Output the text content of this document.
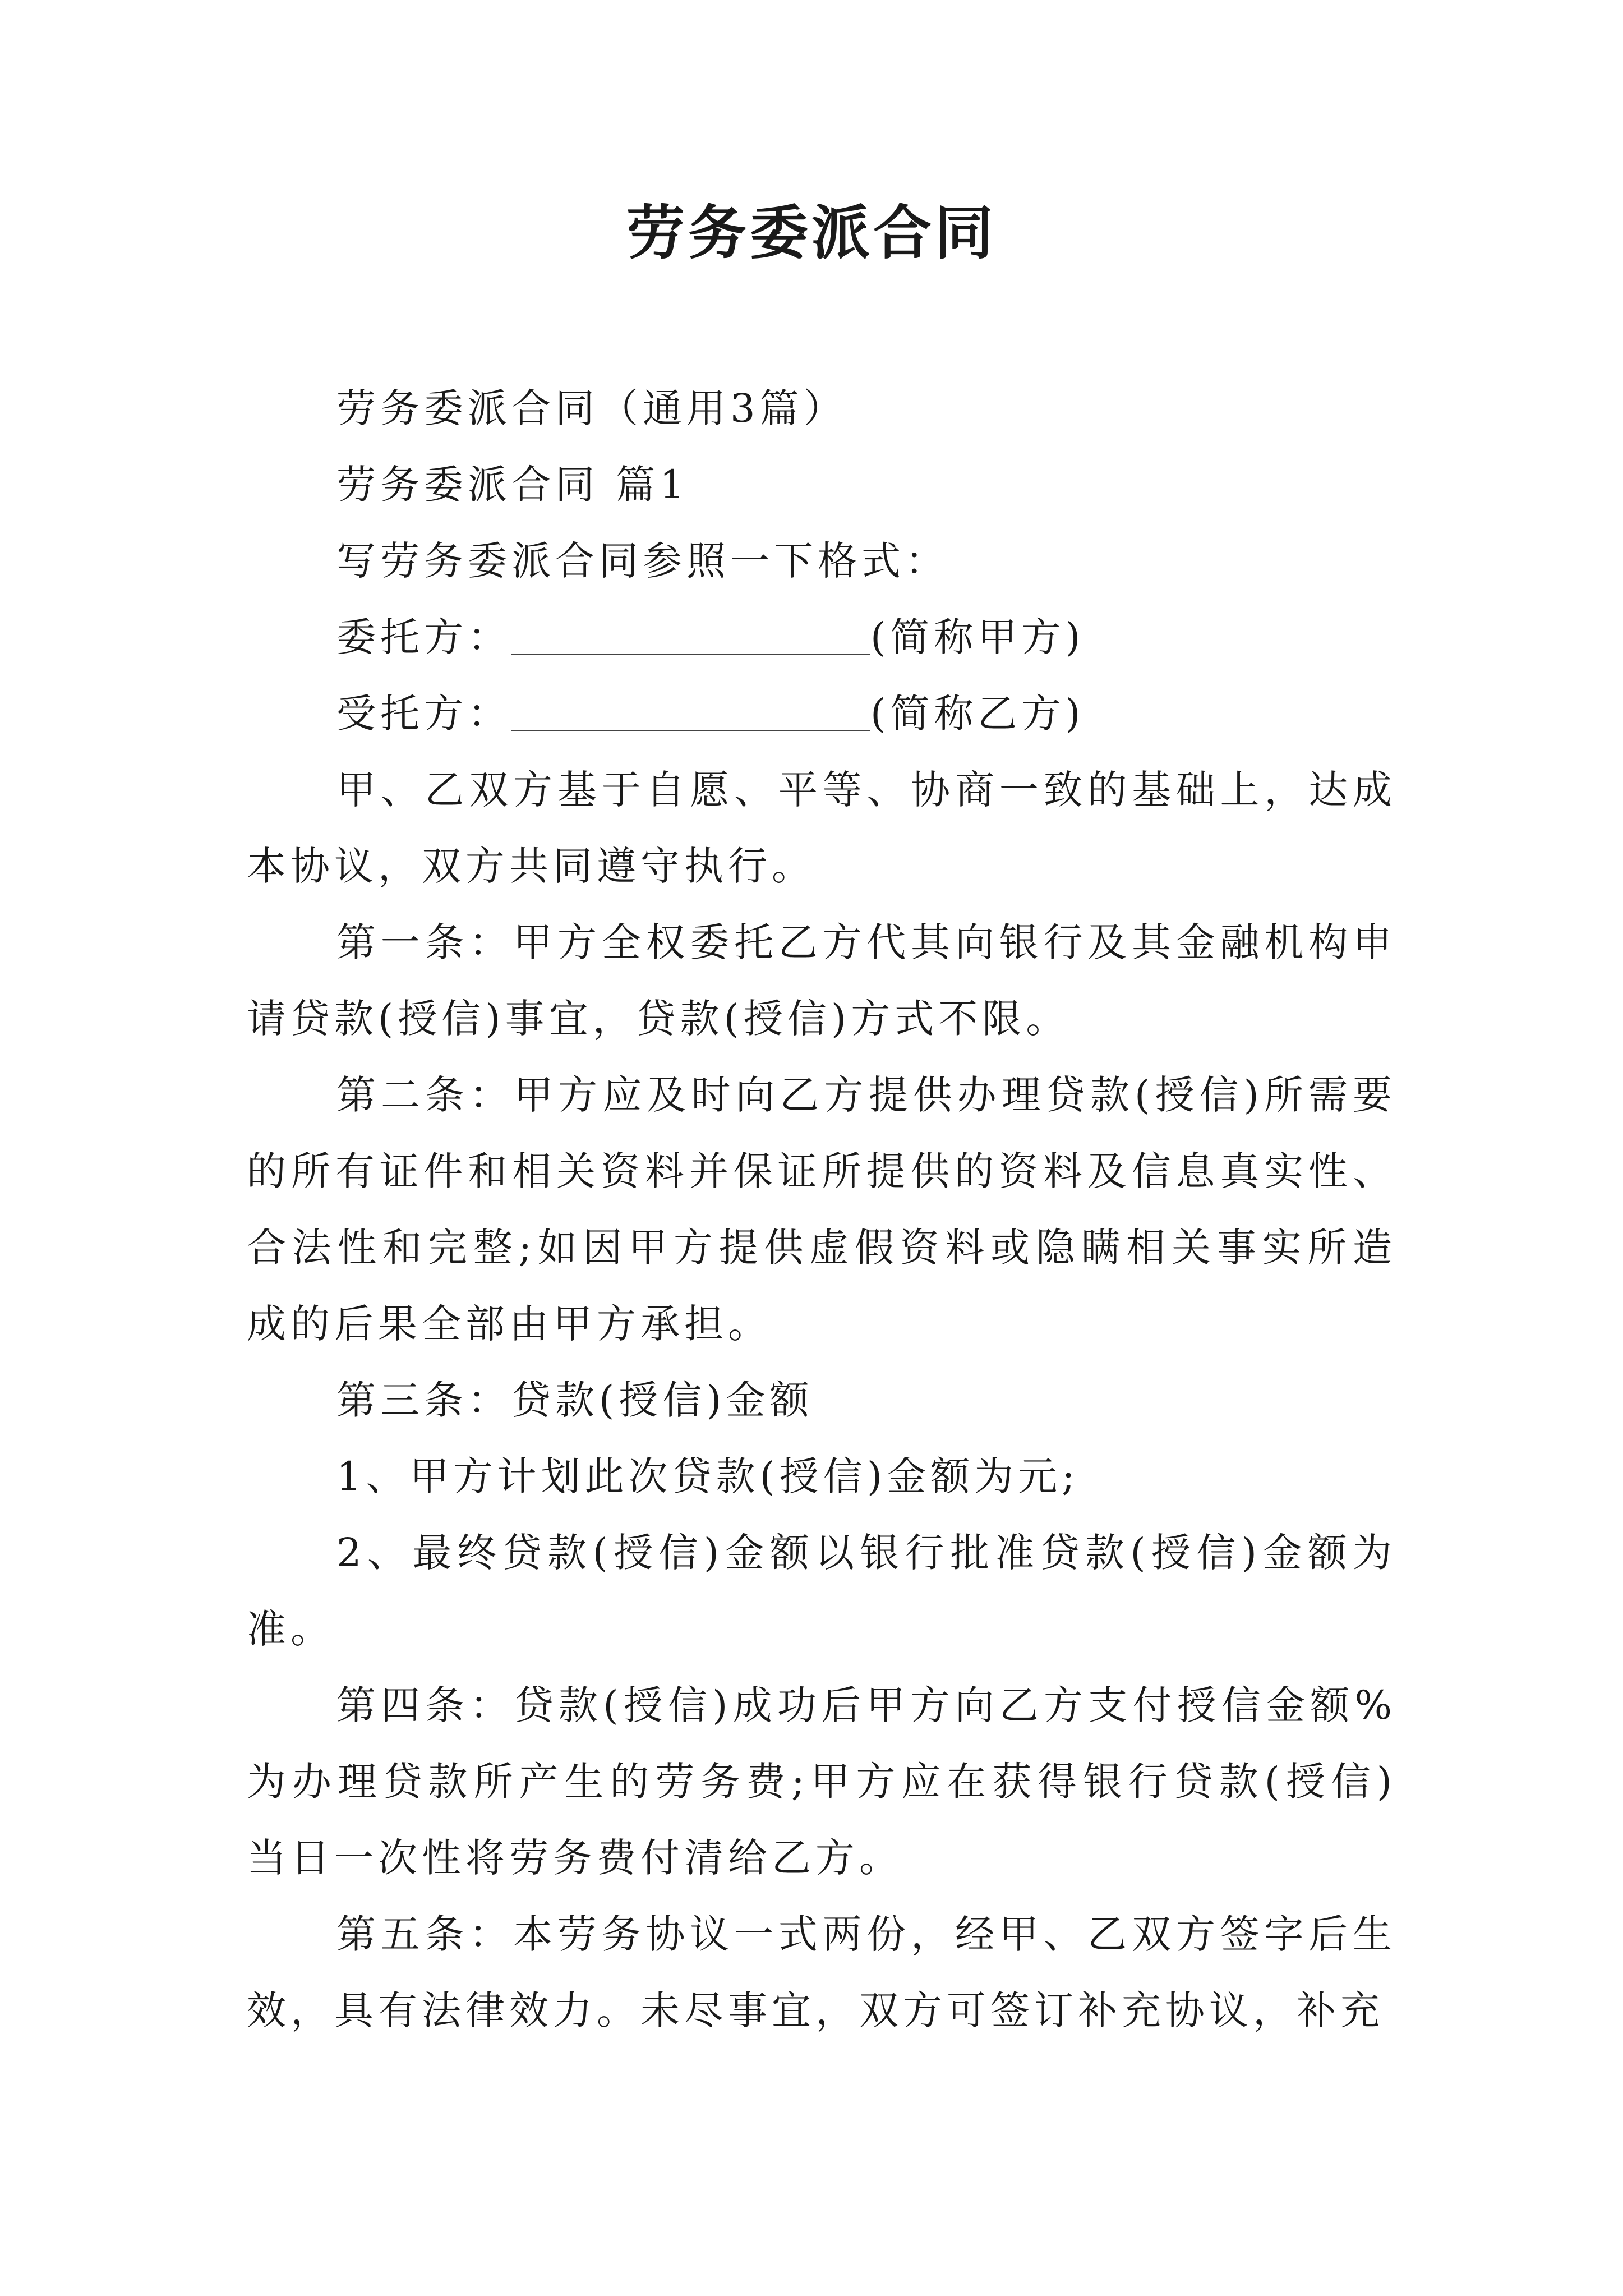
劳务委派合同

劳务委派合同（通用3篇）

劳务委派合同 篇1

写劳务委派合同参照一下格式：

委托方：	(简称甲方)

受托方：	(简称乙方)

甲、乙双方基于自愿、平等、协商一致的基础上，达成本协议，双方共同遵守执行。

第一条：甲方全权委托乙方代其向银行及其金融机构申请贷款(授信)事宜，贷款(授信)方式不限。

第二条：甲方应及时向乙方提供办理贷款(授信)所需要的所有证件和相关资料并保证所提供的资料及信息真实性、合法性和完整;如因甲方提供虚假资料或隐瞒相关事实所造成的后果全部由甲方承担。

第三条：贷款(授信)金额

1、甲方计划此次贷款(授信)金额为元;

2、最终贷款(授信)金额以银行批准贷款(授信)金额为准。

第四条：贷款(授信)成功后甲方向乙方支付授信金额%为办理贷款所产生的劳务费;甲方应在获得银行贷款(授信)当日一次性将劳务费付清给乙方。

第五条：本劳务协议一式两份，经甲、乙双方签字后生效，具有法律效力。未尽事宜，双方可签订补充协议，补充
